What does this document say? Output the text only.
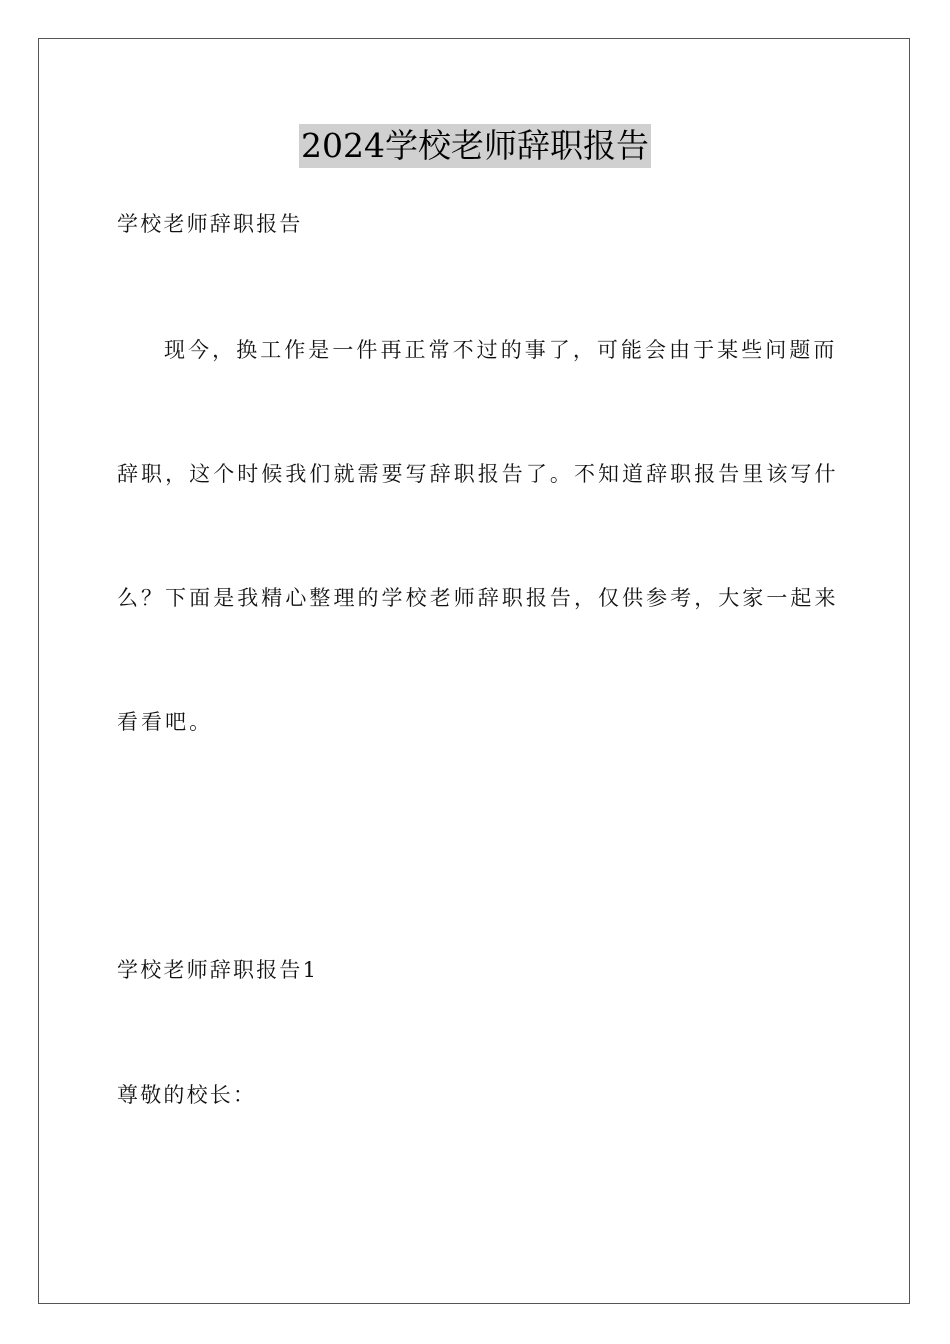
2024学校老师辞职报告
学校老师辞职报告
现今，换工作是一件再正常不过的事了，可能会由于某些问题而
辞职，这个时候我们就需要写辞职报告了。不知道辞职报告里该写什
么？下面是我精心整理的学校老师辞职报告，仅供参考，大家一起来
看看吧。
学校老师辞职报告1
尊敬的校长：
